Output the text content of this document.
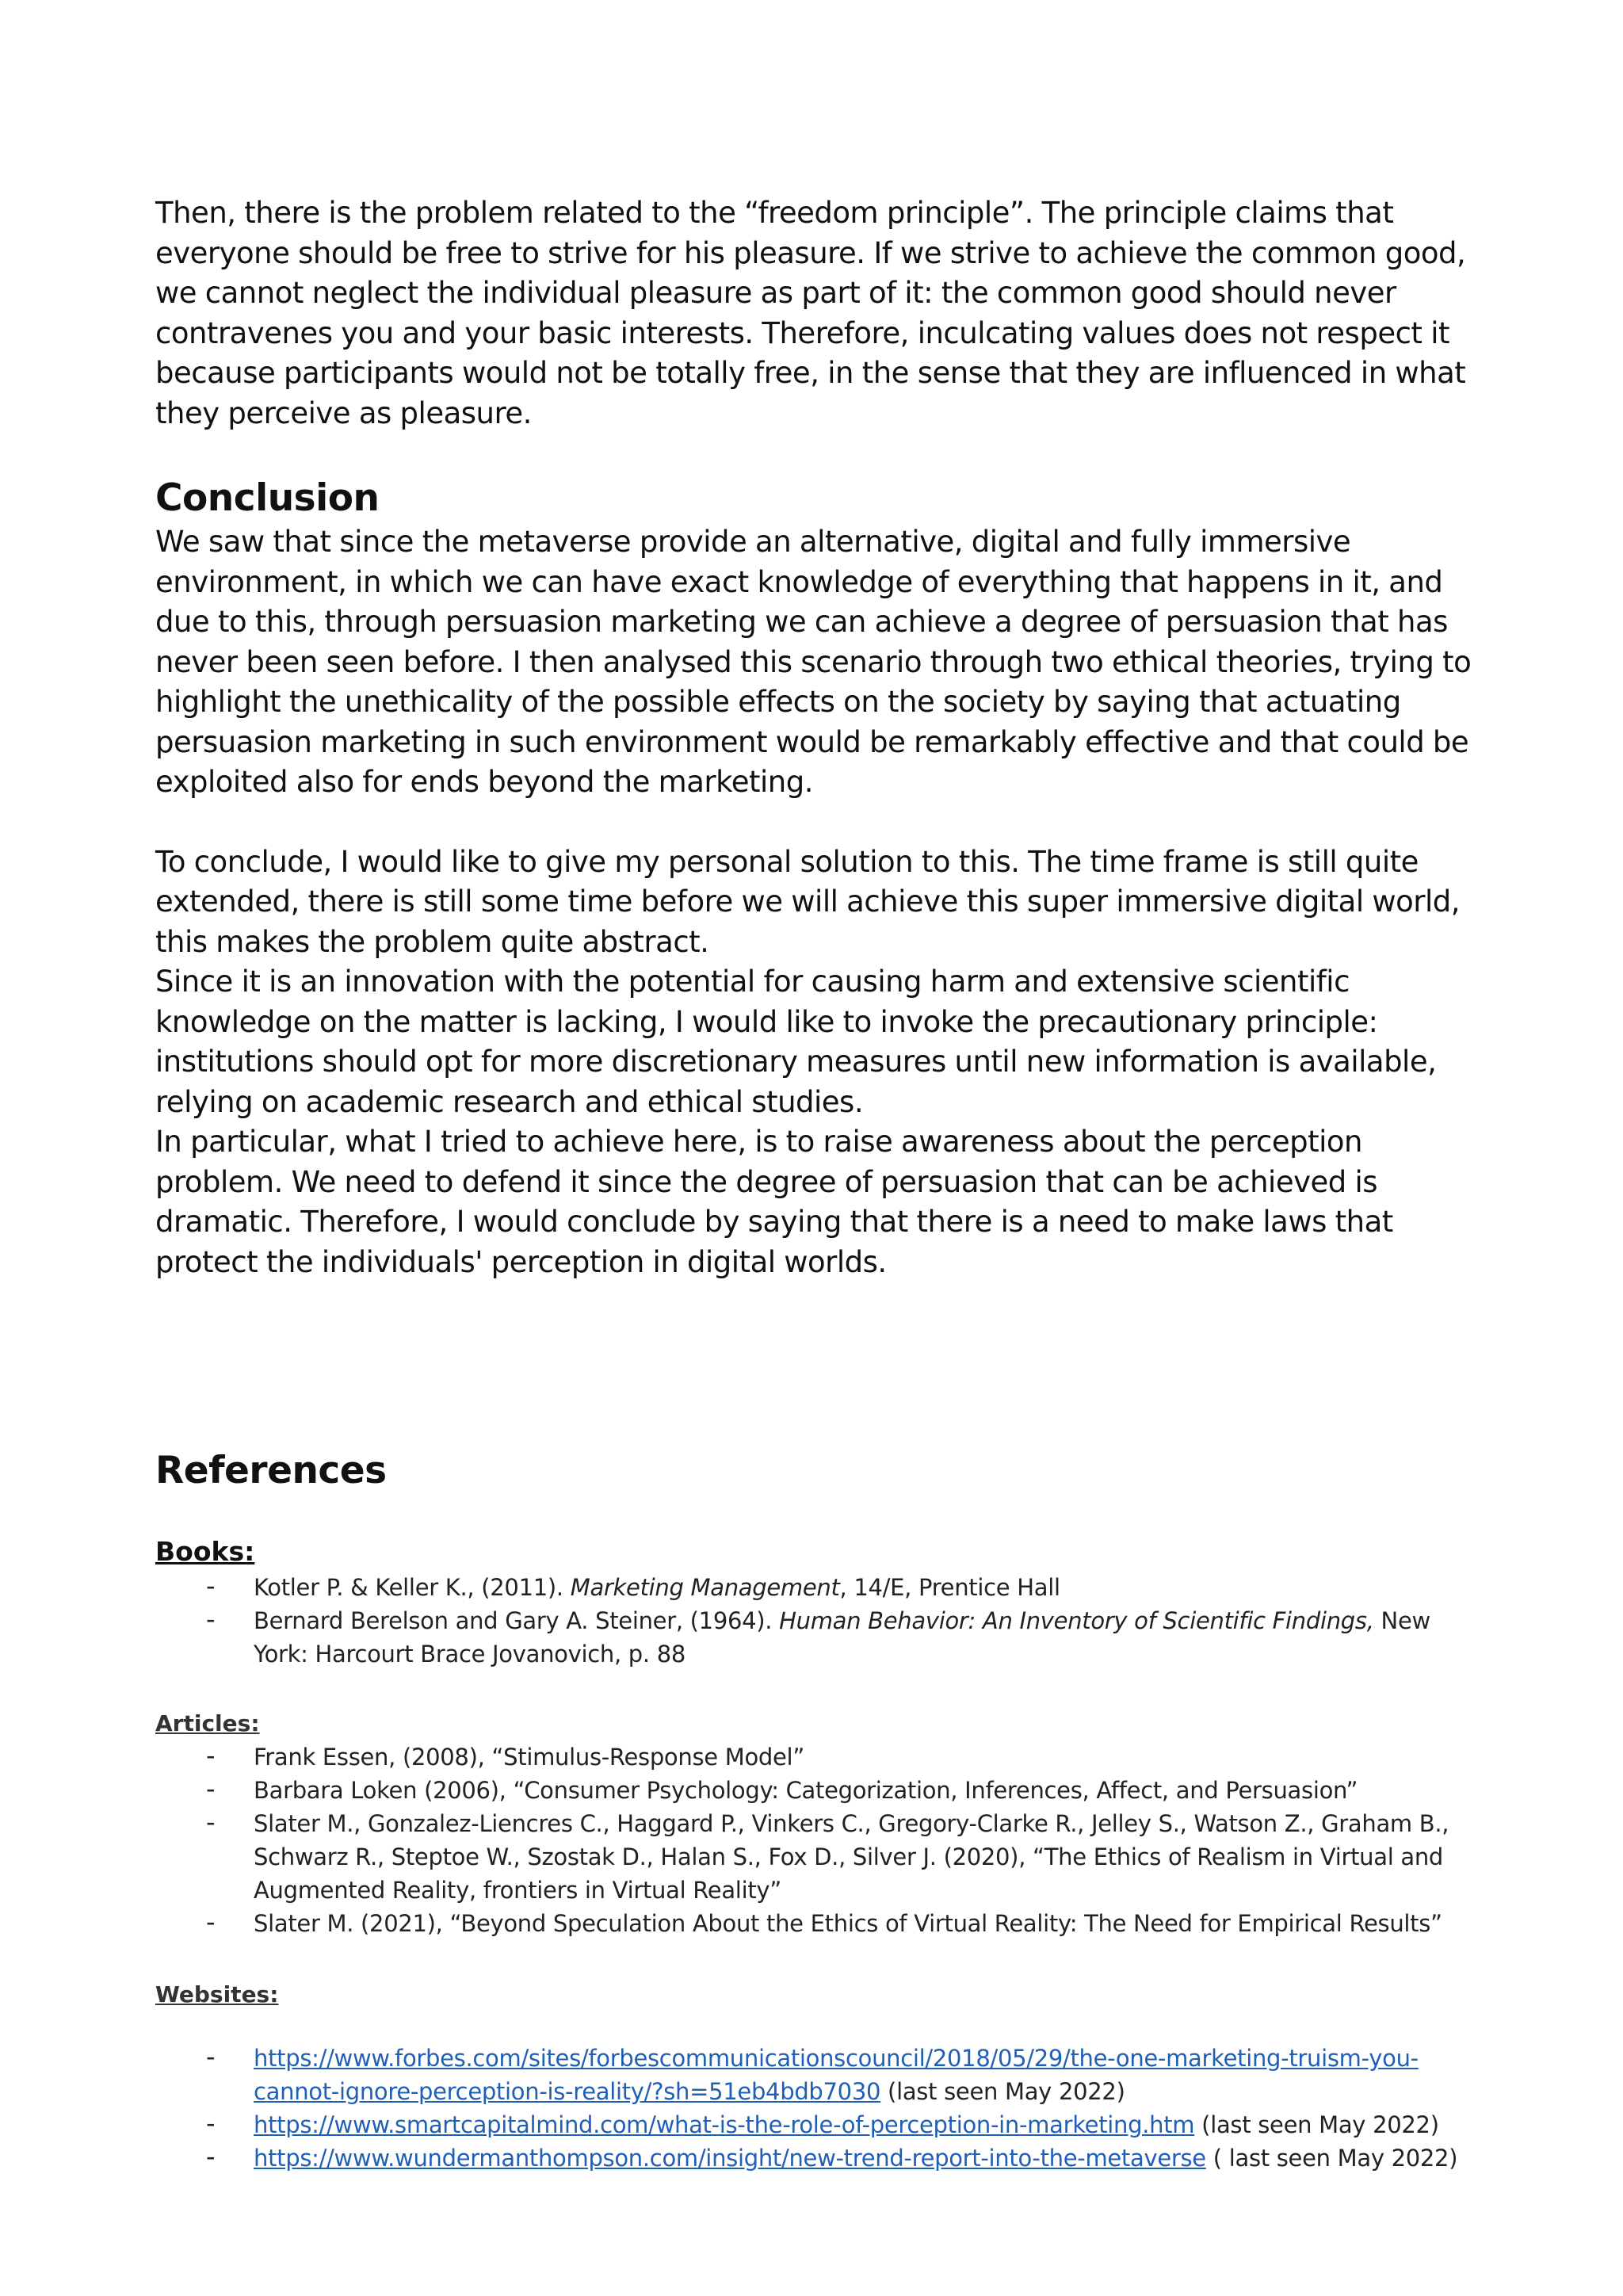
Then, there is the problem related to the “freedom principle”. The principle claims that everyone should be free to strive for his pleasure. If we strive to achieve the common good, we cannot neglect the individual pleasure as part of it: the common good should never contravenes you and your basic interests. Therefore, inculcating values does not respect it because participants would not be totally free, in the sense that they are influenced in what they perceive as pleasure.

Conclusion

We saw that since the metaverse provide an alternative, digital and fully immersive environment, in which we can have exact knowledge of everything that happens in it, and due to this, through persuasion marketing we can achieve a degree of persuasion that has never been seen before. I then analysed this scenario through two ethical theories, trying to highlight the unethicality of the possible effects on the society by saying that actuating persuasion marketing in such environment would be remarkably effective and that could be exploited also for ends beyond the marketing.

To conclude, I would like to give my personal solution to this. The time frame is still quite extended, there is still some time before we will achieve this super immersive digital world, this makes the problem quite abstract.

Since it is an innovation with the potential for causing harm and extensive scientific knowledge on the matter is lacking, I would like to invoke the precautionary principle: institutions should opt for more discretionary measures until new information is available, relying on academic research and ethical studies.

In particular, what I tried to achieve here, is to raise awareness about the perception problem. We need to defend it since the degree of persuasion that can be achieved is dramatic. Therefore, I would conclude by saying that there is a need to make laws that protect the individuals' perception in digital worlds.

References
Books:
- Kotler P. & Keller K., (2011). Marketing Management, 14/E, Prentice Hall
- Bernard Berelson and Gary A. Steiner, (1964). Human Behavior: An Inventory of Scientific Findings, New York: Harcourt Brace Jovanovich, p. 88
Articles:
- Frank Essen, (2008), “Stimulus-Response Model”
- Barbara Loken (2006), “Consumer Psychology: Categorization, Inferences, Affect, and Persuasion”
- Slater M., Gonzalez-Liencres C., Haggard P., Vinkers C., Gregory-Clarke R., Jelley S., Watson Z., Graham B., Schwarz R., Steptoe W., Szostak D., Halan S., Fox D., Silver J. (2020), “The Ethics of Realism in Virtual and Augmented Reality, frontiers in Virtual Reality”
- Slater M. (2021), “Beyond Speculation About the Ethics of Virtual Reality: The Need for Empirical Results”
Websites:
- https://www.forbes.com/sites/forbescommunicationscouncil/2018/05/29/the-one-marketing-truism-you-cannot-ignore-perception-is-reality/?sh=51eb4bdb7030 (last seen May 2022)
- https://www.smartcapitalmind.com/what-is-the-role-of-perception-in-marketing.htm (last seen May 2022)
- https://www.wundermanthompson.com/insight/new-trend-report-into-the-metaverse ( last seen May 2022)
